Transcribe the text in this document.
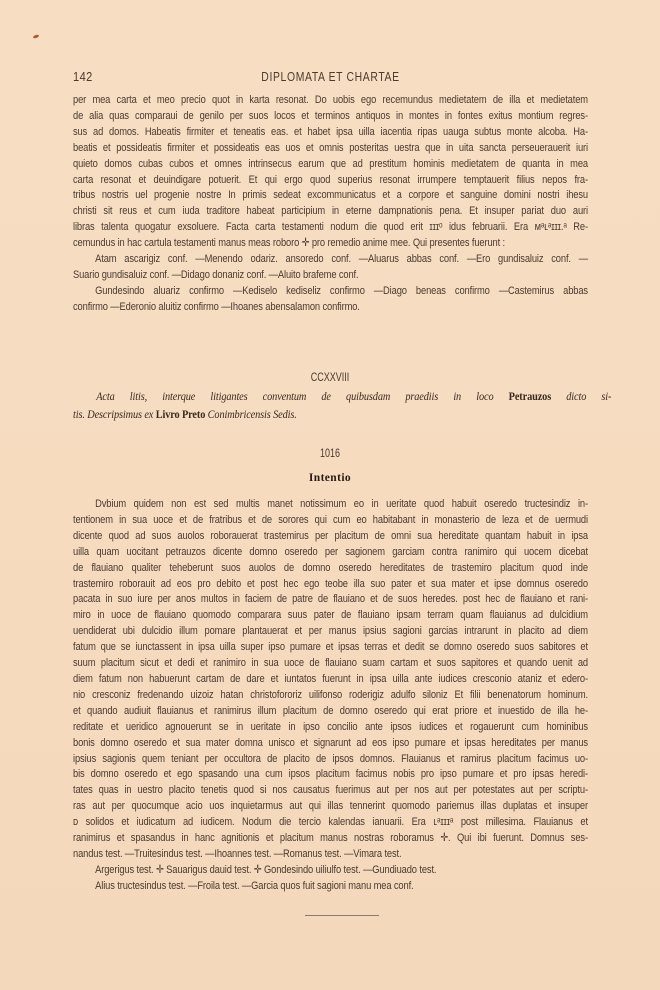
142	DIPLOMATA ET CHARTAE
per mea carta et meo precio quot in karta resonat. Do uobis ego recemundus medietatem de illa et medietatem
de alia quas comparaui de genilo per suos locos et terminos antiquos in montes in fontes exitus montium regres-
sus ad domos. Habeatis firmiter et teneatis eas. et habet ipsa uilla iacentia ripas uauga subtus monte alcoba. Ha-
beatis et possideatis firmiter et possideatis eas uos et omnis posteritas uestra que in uita sancta perseuerauerit iuri
quieto domos cubas cubos et omnes intrinsecus earum que ad prestitum hominis medietatem de quanta in mea
carta resonat et deuindigare potuerit. Et qui ergo quod superius resonat irrumpere temptauerit filius nepos fra-
tribus nostris uel progenie nostre In primis sedeat excommunicatus et a corpore et sanguine domini nostri ihesu
christi sit reus et cum iuda traditore habeat participium in eterne dampnationis pena. Et insuper pariat duo auri
libras talenta quogatur exsoluere. Facta carta testamenti nodum die quod erit ɪɪɪᵒ idus februarii. Era ᴍᵃʟᵃɪɪɪ.ᵃ Re-
cemundus in hac cartula testamenti manus meas roboro ✛ pro remedio anime mee. Qui presentes fuerunt :
Atam ascarigiz conf. —Menendo odariz. ansoredo conf. —Aluarus abbas conf. —Ero gundisaluiz conf. —
Suario gundisaluiz conf. —Didago donaniz conf. —Aluito brafeme conf.
Gundesindo aluariz confirmo —Kediselo kediseliz confirmo —Diago beneas confirmo —Castemirus abbas
confirmo —Ederonio aluitiz confirmo —Ihoanes abensalamon confirmo.
CCXXVIII
Acta litis, interque litigantes conventum de quibusdam praediis in loco Petrauzos dicto si-
tis. Descripsimus ex Livro Preto Conimbricensis Sedis.
1016
Intentio
Dvbium quidem non est sed multis manet notissimum eo in ueritate quod habuit oseredo tructesindiz in-
tentionem in sua uoce et de fratribus et de sorores qui cum eo habitabant in monasterio de leza et de uermudi
dicente quod ad suos auolos roborauerat trastemirus per placitum de omni sua hereditate quantam habuit in ipsa
uilla quam uocitant petrauzos dicente domno oseredo per sagionem garciam contra ranimiro qui uocem dicebat
de flauiano qualiter teheberunt suos auolos de domno oseredo hereditates de trastemiro placitum quod inde
trastemiro roborauit ad eos pro debito et post hec ego teobe illa suo pater et sua mater et ipse domnus oseredo
pacata in suo iure per anos multos in faciem de patre de flauiano et de suos heredes. post hec de flauiano et rani-
miro in uoce de flauiano quomodo comparara suus pater de flauiano ipsam terram quam flauianus ad dulcidium
uendiderat ubi dulcidio illum pomare plantauerat et per manus ipsius sagioni garcias intrarunt in placito ad diem
fatum que se iunctassent in ipsa uilla super ipso pumare et ipsas terras et dedit se domno oseredo suos sabitores et
suum placitum sicut et dedi et ranimiro in sua uoce de flauiano suam cartam et suos sapitores et quando uenit ad
diem fatum non habuerunt cartam de dare et iuntatos fuerunt in ipsa uilla ante iudices cresconio ataniz et edero-
nio cresconiz fredenando uizoiz hatan christofororiz uilifonso roderigiz adulfo siloniz Et filii benenatorum hominum.
et quando audiuit flauianus et ranimirus illum placitum de domno oseredo qui erat priore et inuestido de illa he-
reditate et ueridico agnouerunt se in ueritate in ipso concilio ante ipsos iudices et rogauerunt cum hominibus
bonis domno oseredo et sua mater domna unisco et signarunt ad eos ipso pumare et ipsas hereditates per manus
ipsius sagionis quem teniant per occultora de placito de ipsos domnos. Flauianus et ramirus placitum facimus uo-
bis domno oseredo et ego spasando una cum ipsos placitum facimus nobis pro ipso pumare et pro ipsas heredi-
tates quas in uestro placito tenetis quod si nos causatus fuerimus aut per nos aut per potestates aut per scriptu-
ras aut per quocumque acio uos inquietarmus aut qui illas tennerint quomodo pariemus illas duplatas et insuper
ᴅ solidos et iudicatum ad iudicem. Nodum die tercio kalendas ianuarii. Era ʟᵃɪɪɪᵃ post millesima. Flauianus et
ranimirus et spasandus in hanc agnitionis et placitum manus nostras roboramus ✛. Qui ibi fuerunt. Domnus ses-
nandus test. —Truitesindus test. —Ihoannes test. —Romanus test. —Vimara test.
Argerigus test. ✛ Sauarigus dauid test. ✛ Gondesindo uiliulfo test. —Gundiuado test.
Alius tructesindus test. —Froila test. —Garcia quos fuit sagioni manu mea conf.
